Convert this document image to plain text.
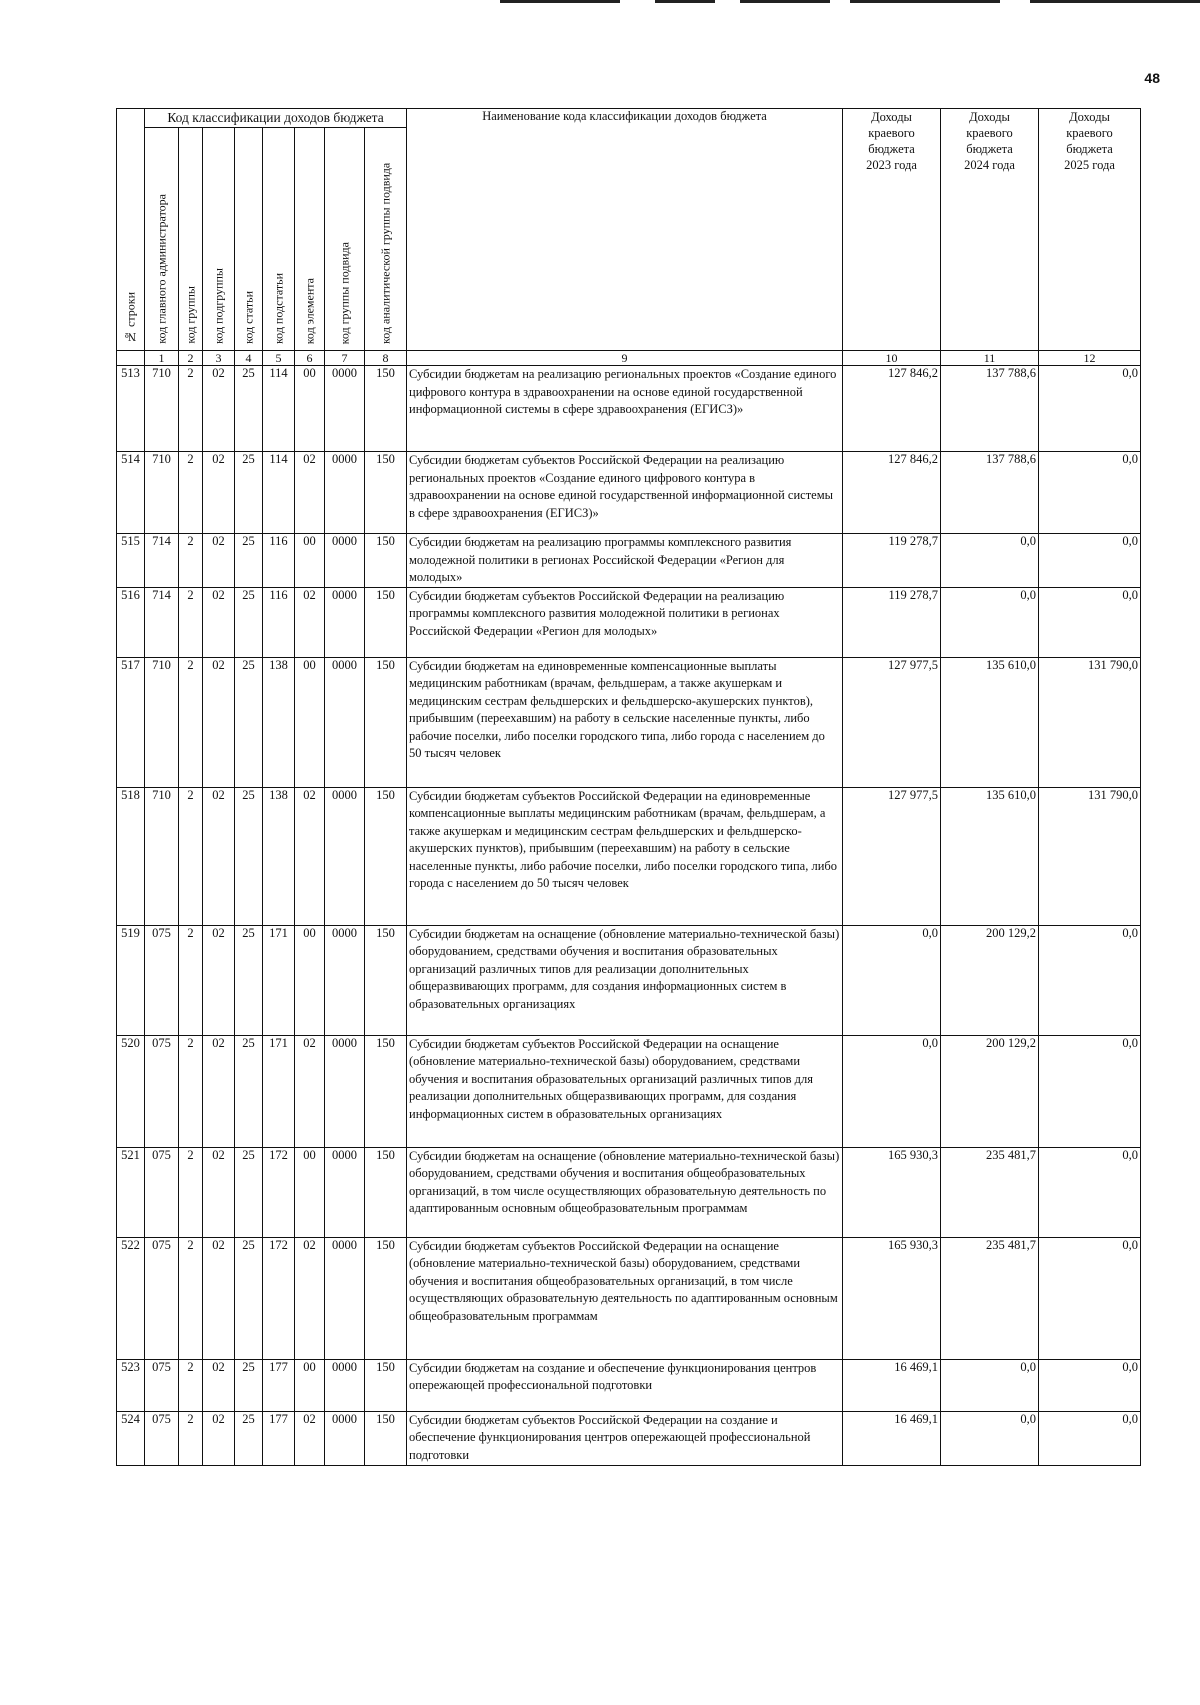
48
№ строки	Код классификации доходов бюджета								Наименование кода классификации доходов бюджета	Доходы
краевого
бюджета
2023 года	Доходы
краевого
бюджета
2024 года	Доходы
краевого
бюджета
2025 года

	код главного администратора	код группы	код подгруппы	код статьи	код подстатьи	код элемента	код группы подвида	код аналитической группы подвида				

	1	2	3	4	5	6	7	8	9	10	11	12
513	710	2	02	25	114	00	0000	150	Субсидии бюджетам на реализацию региональных проектов «Создание единого цифрового контура в здравоохранении на основе единой государственной информационной системы в сфере здравоохранения (ЕГИСЗ)»	127 846,2	137 788,6	0,0
514	710	2	02	25	114	02	0000	150	Субсидии бюджетам субъектов Российской Федерации на реализацию региональных проектов «Создание единого цифрового контура в здравоохранении на основе единой государственной информационной системы в сфере здравоохранения (ЕГИСЗ)»	127 846,2	137 788,6	0,0
515	714	2	02	25	116	00	0000	150	Субсидии бюджетам на реализацию программы комплексного развития молодежной политики в регионах Российской Федерации «Регион для молодых»	119 278,7	0,0	0,0
516	714	2	02	25	116	02	0000	150	Субсидии бюджетам субъектов Российской Федерации на реализацию программы комплексного развития молодежной политики в регионах Российской Федерации «Регион для молодых»	119 278,7	0,0	0,0
517	710	2	02	25	138	00	0000	150	Субсидии бюджетам на единовременные компенсационные выплаты медицинским работникам (врачам, фельдшерам, а также акушеркам и медицинским сестрам фельдшерских и фельдшерско-акушерских пунктов), прибывшим (переехавшим) на работу в сельские населенные пункты, либо рабочие поселки, либо поселки городского типа, либо города с населением до 50 тысяч человек	127 977,5	135 610,0	131 790,0
518	710	2	02	25	138	02	0000	150	Субсидии бюджетам субъектов Российской Федерации на единовременные компенсационные выплаты медицинским работникам (врачам, фельдшерам, а также акушеркам и медицинским сестрам фельдшерских и фельдшерско-акушерских пунктов), прибывшим (переехавшим) на работу в сельские населенные пункты, либо рабочие поселки, либо поселки городского типа, либо города с населением до 50 тысяч человек	127 977,5	135 610,0	131 790,0
519	075	2	02	25	171	00	0000	150	Субсидии бюджетам на оснащение (обновление материально-технической базы) оборудованием, средствами обучения и воспитания образовательных организаций различных типов для реализации дополнительных общеразвивающих программ, для создания информационных систем в образовательных организациях	0,0	200 129,2	0,0
520	075	2	02	25	171	02	0000	150	Субсидии бюджетам субъектов Российской Федерации на оснащение (обновление материально-технической базы) оборудованием, средствами обучения и воспитания образовательных организаций различных типов для реализации дополнительных общеразвивающих программ, для создания информационных систем в образовательных организациях	0,0	200 129,2	0,0
521	075	2	02	25	172	00	0000	150	Субсидии бюджетам на оснащение (обновление материально-технической базы) оборудованием, средствами обучения и воспитания общеобразовательных организаций, в том числе осуществляющих образовательную деятельность по адаптированным основным общеобразовательным программам	165 930,3	235 481,7	0,0
522	075	2	02	25	172	02	0000	150	Субсидии бюджетам субъектов Российской Федерации на оснащение (обновление материально-технической базы) оборудованием, средствами обучения и воспитания общеобразовательных организаций, в том числе осуществляющих образовательную деятельность по адаптированным основным общеобразовательным программам	165 930,3	235 481,7	0,0
523	075	2	02	25	177	00	0000	150	Субсидии бюджетам на создание и обеспечение функционирования центров опережающей профессиональной подготовки	16 469,1	0,0	0,0
524	075	2	02	25	177	02	0000	150	Субсидии бюджетам субъектов Российской Федерации на создание и обеспечение функционирования центров опережающей профессиональной подготовки	16 469,1	0,0	0,0
